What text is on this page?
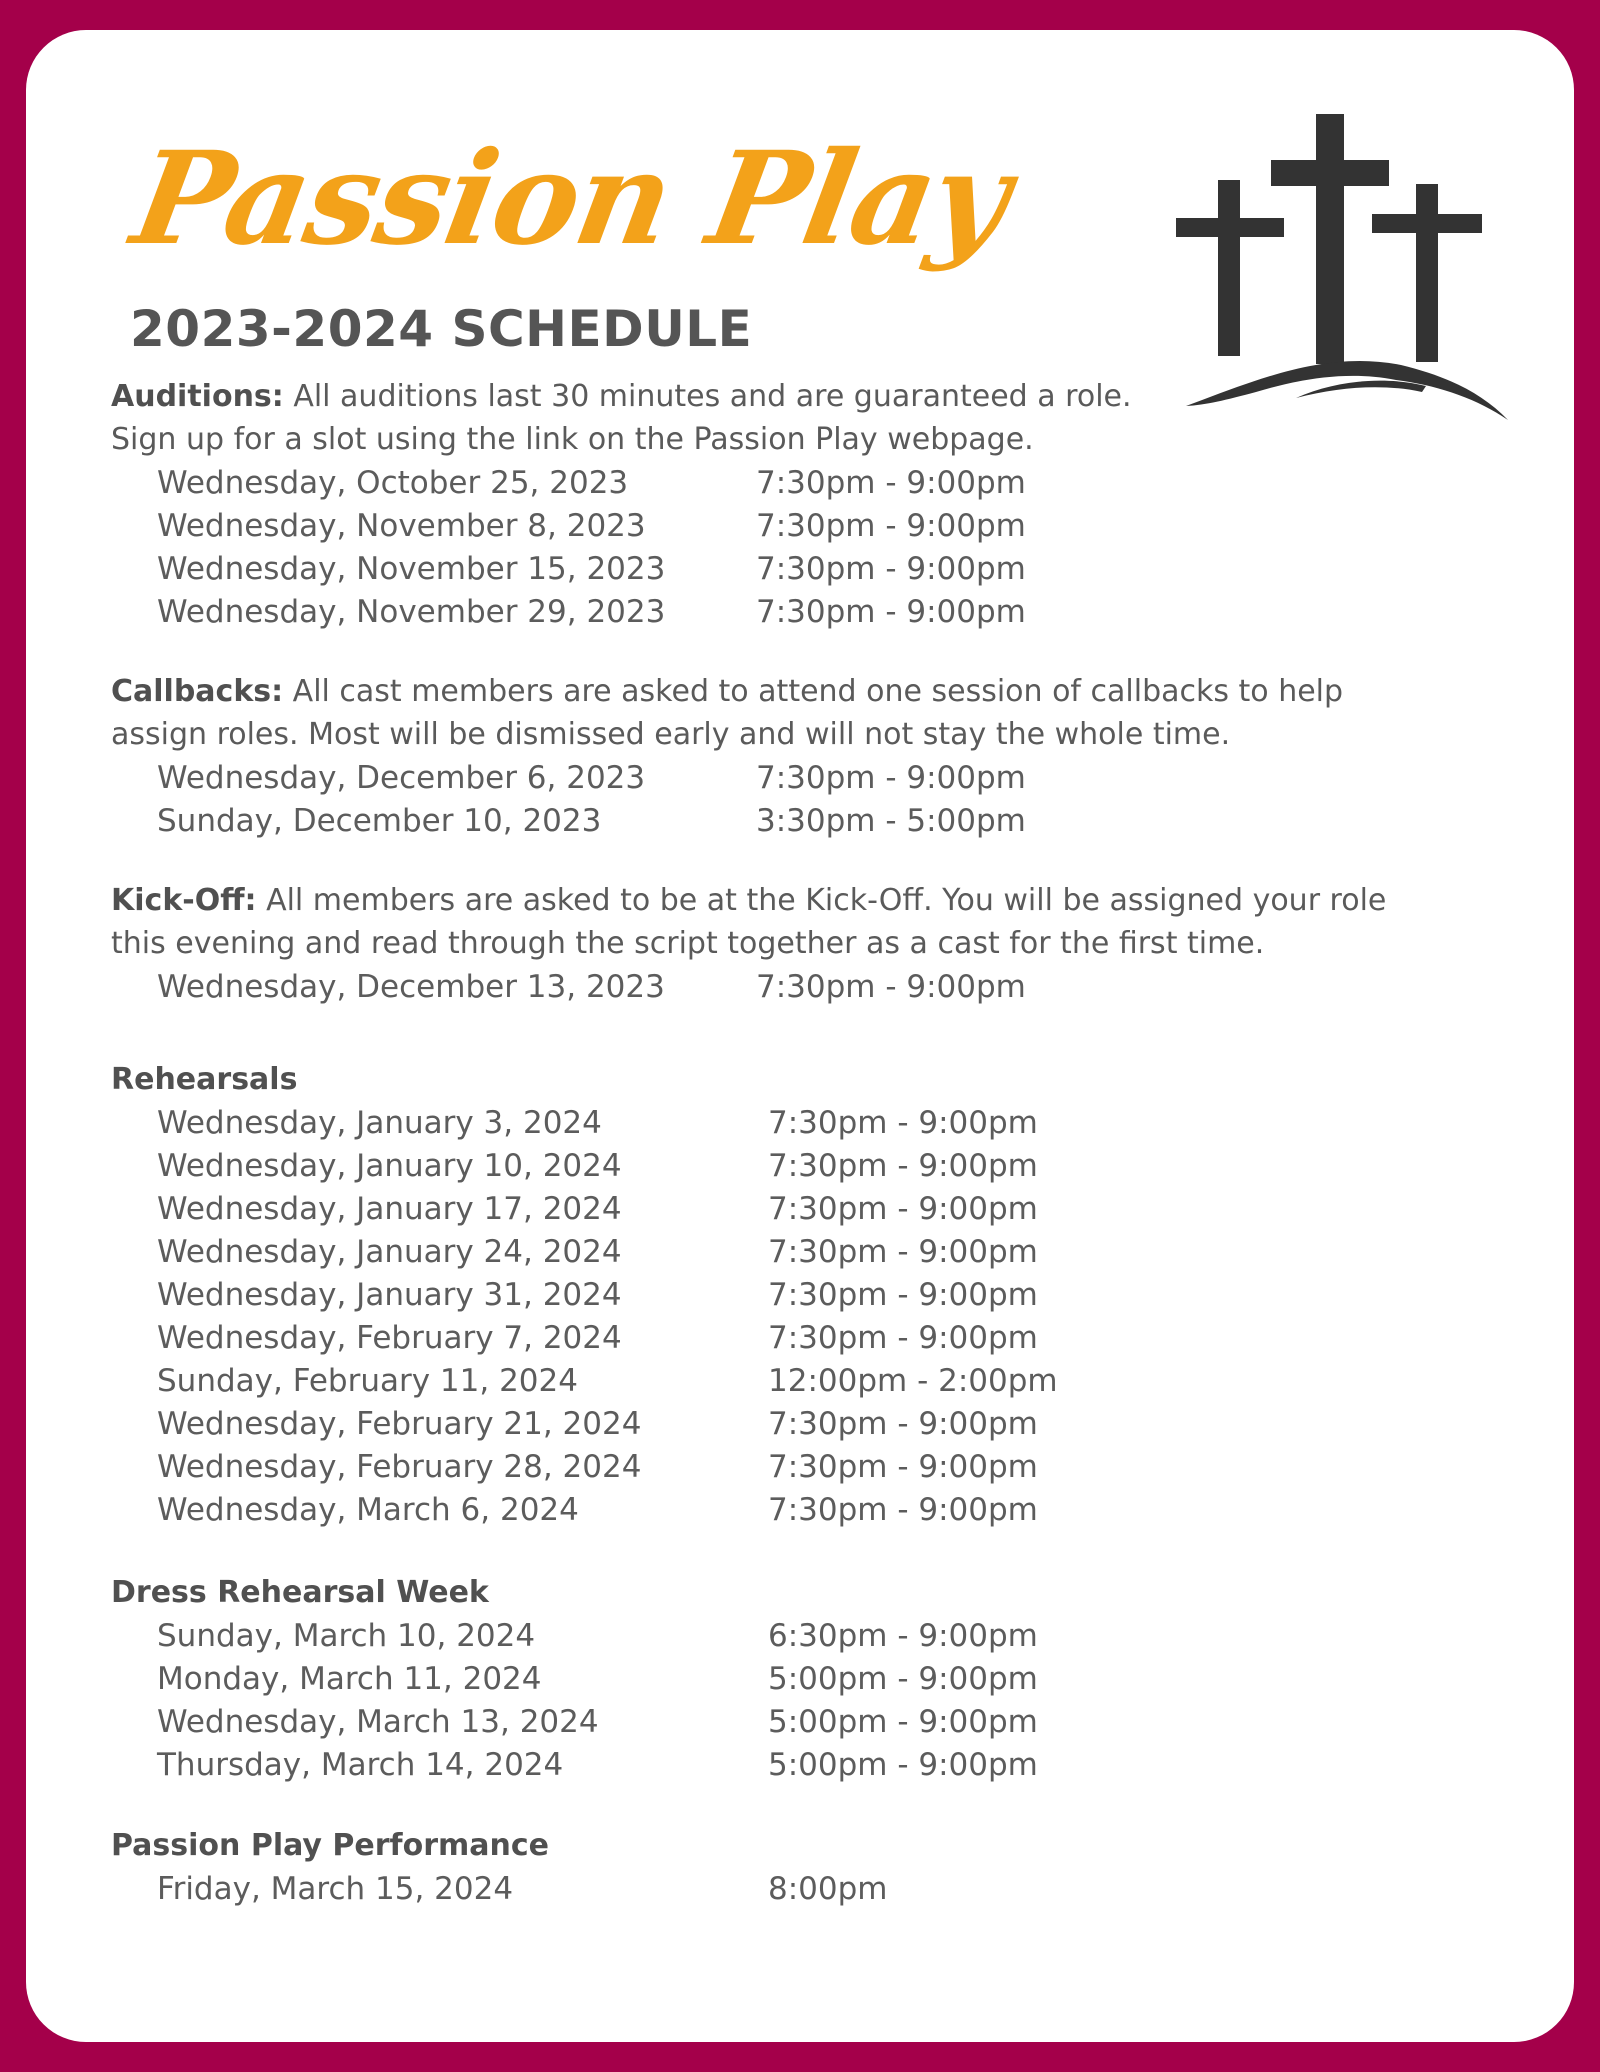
Passion Play
2023-2024 SCHEDULE

Auditions: All auditions last 30 minutes and are guaranteed a role.
Sign up for a slot using the link on the Passion Play webpage.

Wednesday, October 25, 2023	7:30pm - 9:00pm
Wednesday, November 8, 2023	7:30pm - 9:00pm
Wednesday, November 15, 2023	7:30pm - 9:00pm
Wednesday, November 29, 2023	7:30pm - 9:00pm

Callbacks: All cast members are asked to attend one session of callbacks to help
assign roles. Most will be dismissed early and will not stay the whole time.

Wednesday, December 6, 2023	7:30pm - 9:00pm
Sunday, December 10, 2023	3:30pm - 5:00pm

Kick-Off: All members are asked to be at the Kick-Off. You will be assigned your role
this evening and read through the script together as a cast for the first time.

Wednesday, December 13, 2023	7:30pm - 9:00pm

Rehearsals

Wednesday, January 3, 2024	7:30pm - 9:00pm
Wednesday, January 10, 2024	7:30pm - 9:00pm
Wednesday, January 17, 2024	7:30pm - 9:00pm
Wednesday, January 24, 2024	7:30pm - 9:00pm
Wednesday, January 31, 2024	7:30pm - 9:00pm
Wednesday, February 7, 2024	7:30pm - 9:00pm
Sunday, February 11, 2024	12:00pm - 2:00pm
Wednesday, February 21, 2024	7:30pm - 9:00pm
Wednesday, February 28, 2024	7:30pm - 9:00pm
Wednesday, March 6, 2024	7:30pm - 9:00pm

Dress Rehearsal Week

Sunday, March 10, 2024	6:30pm - 9:00pm
Monday, March 11, 2024	5:00pm - 9:00pm
Wednesday, March 13, 2024	5:00pm - 9:00pm
Thursday, March 14, 2024	5:00pm - 9:00pm

Passion Play Performance

Friday, March 15, 2024	8:00pm
